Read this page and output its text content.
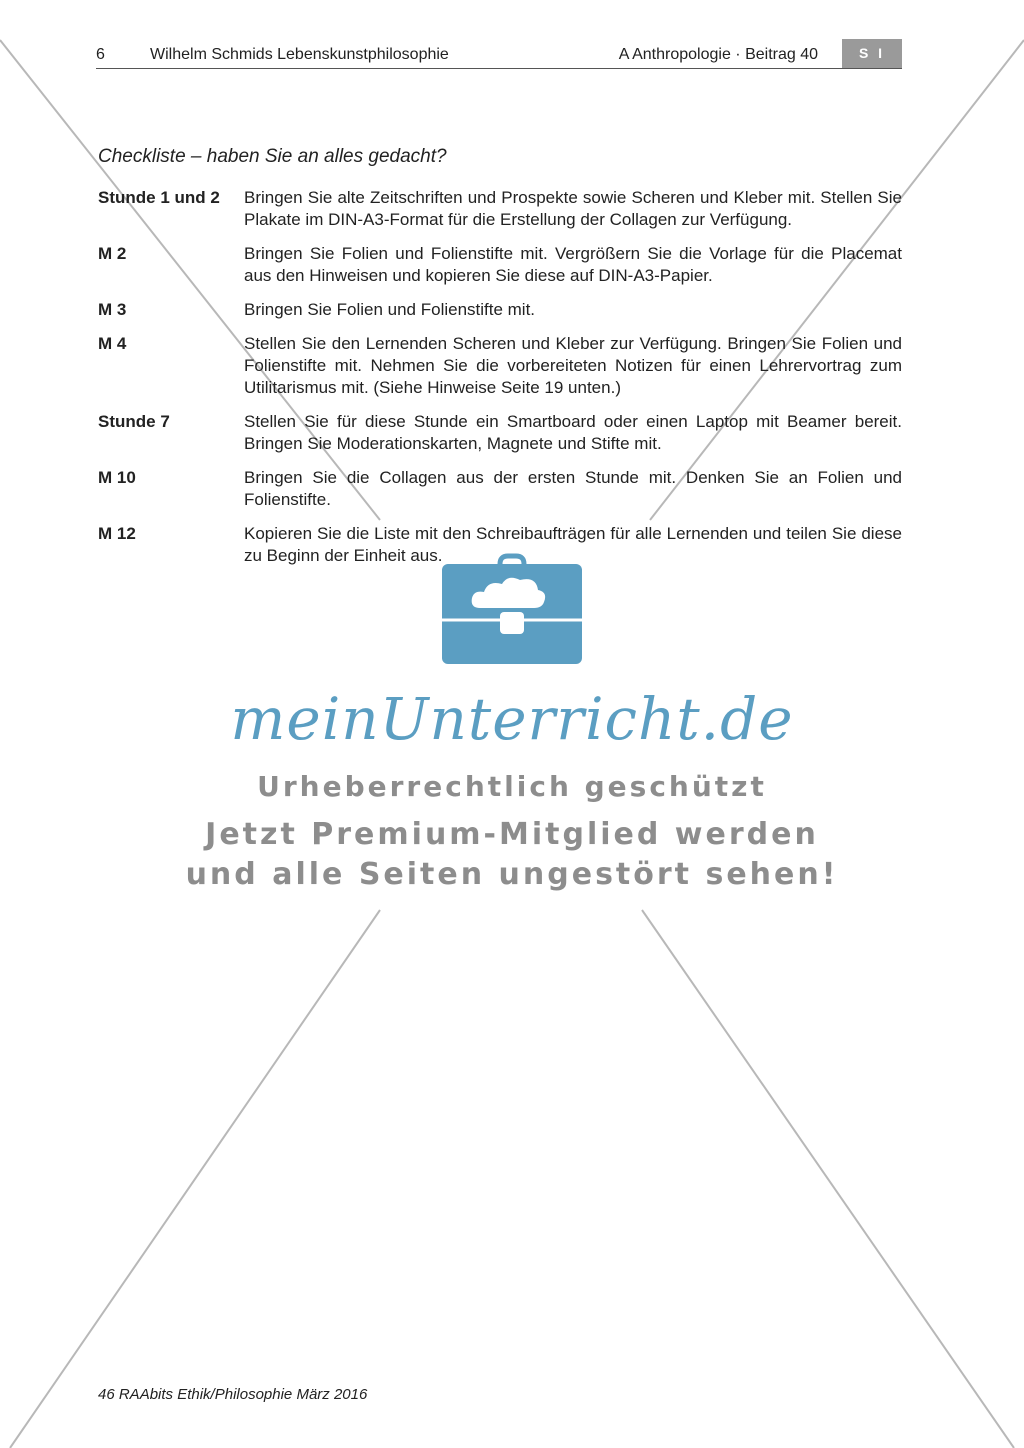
6	Wilhelm Schmids Lebenskunstphilosophie	A Anthropologie · Beitrag 40	S I
Checkliste – haben Sie an alles gedacht?
Stunde 1 und 2	Bringen Sie alte Zeitschriften und Prospekte sowie Scheren und Kleber mit. Stellen Sie Plakate im DIN-A3-Format für die Erstellung der Collagen zur Verfügung.
M 2	Bringen Sie Folien und Folienstifte mit. Vergrößern Sie die Vorlage für die Placemat aus den Hinweisen und kopieren Sie diese auf DIN-A3-Papier.
M 3	Bringen Sie Folien und Folienstifte mit.
M 4	Stellen Sie den Lernenden Scheren und Kleber zur Verfügung. Bringen Sie Folien und Folienstifte mit. Nehmen Sie die vorbereiteten Notizen für einen Lehrervortrag zum Utilitarismus mit. (Siehe Hinweise Seite 19 unten.)
Stunde 7	Stellen Sie für diese Stunde ein Smartboard oder einen Laptop mit Beamer bereit. Bringen Sie Moderationskarten, Magnete und Stifte mit.
M 10	Bringen Sie die Collagen aus der ersten Stunde mit. Denken Sie an Folien und Folienstifte.
M 12	Kopieren Sie die Liste mit den Schreibaufträgen für alle Lernenden und teilen Sie diese zu Beginn der Einheit aus.
meinUnterricht.de
Urheberrechtlich geschützt
Jetzt Premium-Mitglied werden
und alle Seiten ungestört sehen!
46 RAAbits Ethik/Philosophie März 2016
